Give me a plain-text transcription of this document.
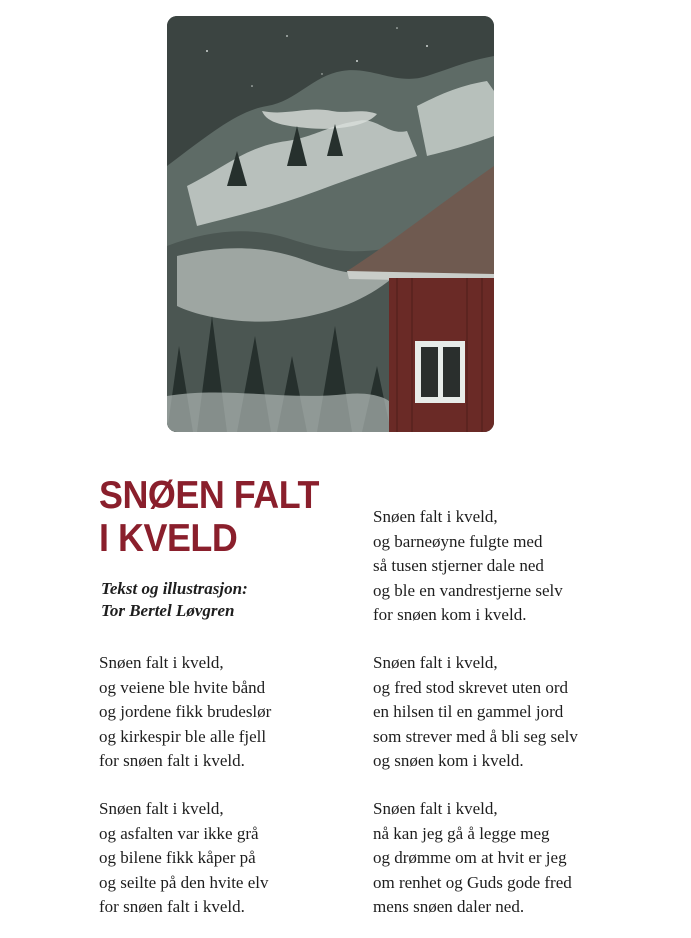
SNØEN FALT
I KVELD
Tekst og illustrasjon:
Tor Bertel Løvgren

Snøen falt i kveld,
og veiene ble hvite bånd
og jordene fikk brudeslør
og kirkespir ble alle fjell
for snøen falt i kveld.

Snøen falt i kveld,
og asfalten var ikke grå
og bilene fikk kåper på
og seilte på den hvite elv
for snøen falt i kveld.

Snøen falt i kveld,
og barneøyne fulgte med
så tusen stjerner dale ned
og ble en vandrestjerne selv
for snøen kom i kveld.

Snøen falt i kveld,
og fred stod skrevet uten ord
en hilsen til en gammel jord
som strever med å bli seg selv
og snøen kom i kveld.

Snøen falt i kveld,
nå kan jeg gå å legge meg
og drømme om at hvit er jeg
om renhet og Guds gode fred
mens snøen daler ned.
